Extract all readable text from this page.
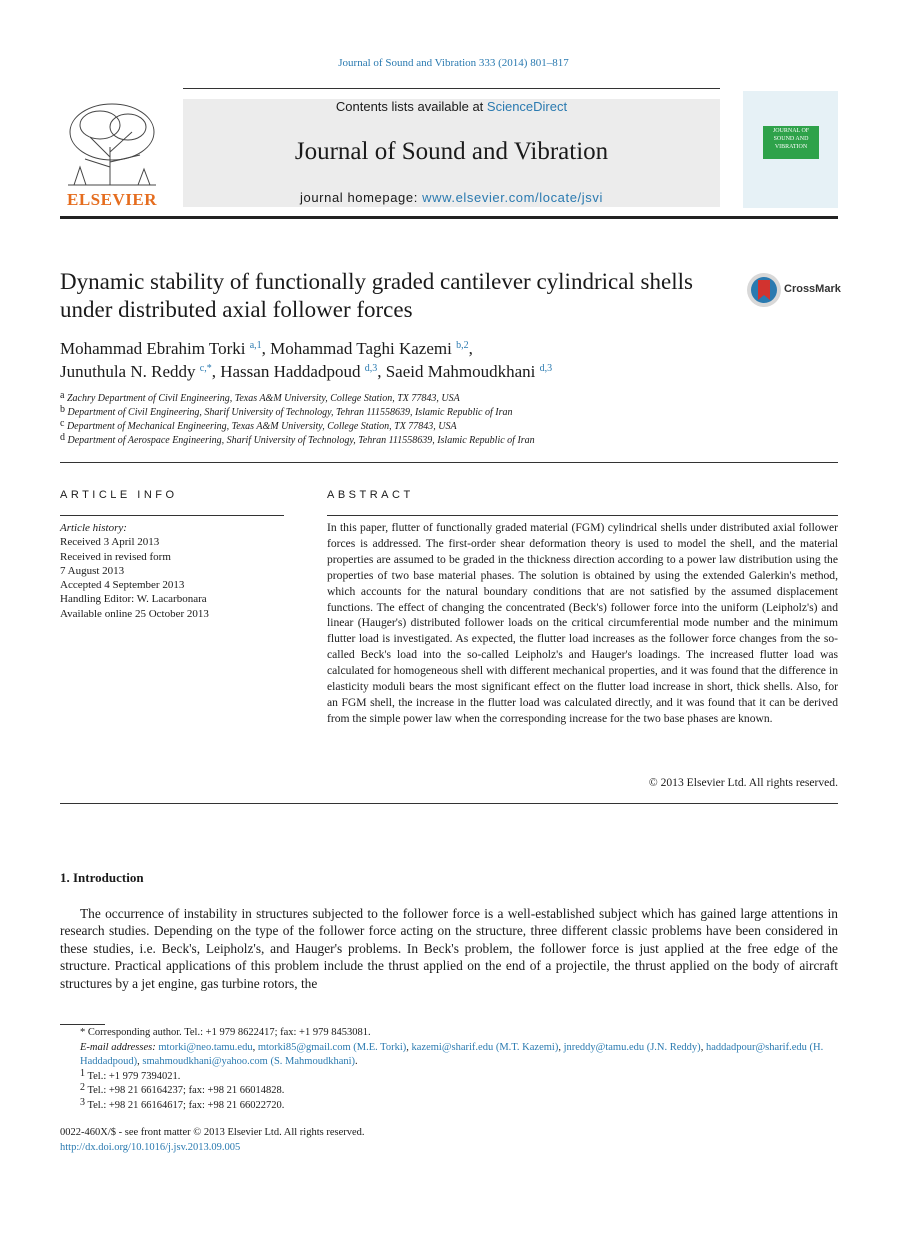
Journal of Sound and Vibration 333 (2014) 801–817
ELSEVIER
Contents lists available at ScienceDirect
Journal of Sound and Vibration
journal homepage: www.elsevier.com/locate/jsvi
JOURNAL OF SOUND AND VIBRATION
Dynamic stability of functionally graded cantilever cylindrical shells under distributed axial follower forces
CrossMark
Mohammad Ebrahim Torki $^{a,1}$, Mohammad Taghi Kazemi $^{b,2}$,
Junuthula N. Reddy $^{c,*}$, Hassan Haddadpoud $^{d,3}$, Saeid Mahmoudkhani $^{d,3}$
$^a$ Zachry Department of Civil Engineering, Texas A&M University, College Station, TX 77843, USA
$^b$ Department of Civil Engineering, Sharif University of Technology, Tehran 111558639, Islamic Republic of Iran
$^c$ Department of Mechanical Engineering, Texas A&M University, College Station, TX 77843, USA
$^d$ Department of Aerospace Engineering, Sharif University of Technology, Tehran 111558639, Islamic Republic of Iran
ARTICLE INFO	ABSTRACT
Article history:
Received 3 April 2013
Received in revised form
7 August 2013
Accepted 4 September 2013
Handling Editor: W. Lacarbonara
Available online 25 October 2013
In this paper, flutter of functionally graded material (FGM) cylindrical shells under distributed axial follower forces is addressed. The first-order shear deformation theory is used to model the shell, and the material properties are assumed to be graded in the thickness direction according to a power law distribution using the properties of two base material phases. The solution is obtained by using the extended Galerkin's method, which accounts for the natural boundary conditions that are not satisfied by the assumed displacement functions. The effect of changing the concentrated (Beck's) follower force into the uniform (Leipholz's) and linear (Hauger's) distributed follower loads on the critical circumferential mode number and the minimum flutter load is investigated. As expected, the flutter load increases as the follower force changes from the so-called Beck's load into the so-called Leipholz's and Hauger's loadings. The increased flutter load was calculated for homogeneous shell with different mechanical properties, and it was found that the difference in elasticity moduli bears the most significant effect on the flutter load increase in short, thick shells. Also, for an FGM shell, the increase in the flutter load was calculated directly, and it was found that it can be derived from the simple power law when the corresponding increase for the two base phases are known.
© 2013 Elsevier Ltd. All rights reserved.
1. Introduction
The occurrence of instability in structures subjected to the follower force is a well-established subject which has gained large attentions in research studies. Depending on the type of the follower force acting on the structure, three different classic problems have been considered in these studies, i.e. Beck's, Leipholz's, and Hauger's problems. In Beck's problem, the follower force is just applied at the free edge of the structure. Practical applications of this problem include the thrust applied on the end of a projectile, the thrust applied on the body of aircraft structures by a jet engine, gas turbine rotors, the
* Corresponding author. Tel.: +1 979 8622417; fax: +1 979 8453081.
E-mail addresses: mtorki@neo.tamu.edu, mtorki85@gmail.com (M.E. Torki), kazemi@sharif.edu (M.T. Kazemi), jnreddy@tamu.edu (J.N. Reddy), haddadpour@sharif.edu (H. Haddadpoud), smahmoudkhani@yahoo.com (S. Mahmoudkhani).
$^1$ Tel.: +1 979 7394021.
$^2$ Tel.: +98 21 66164237; fax: +98 21 66014828.
$^3$ Tel.: +98 21 66164617; fax: +98 21 66022720.
0022-460X/$ - see front matter © 2013 Elsevier Ltd. All rights reserved.
http://dx.doi.org/10.1016/j.jsv.2013.09.005
